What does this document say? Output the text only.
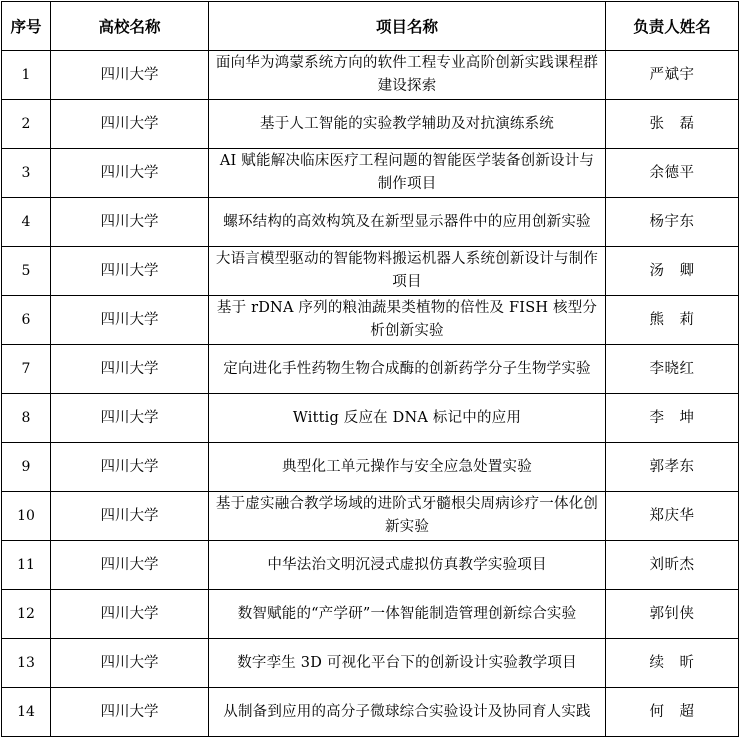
序号	高校名称	项目名称	负责人姓名
1	四川大学	面向华为鸿蒙系统方向的软件工程专业高阶创新实践课程群建设探索	严斌宇
2	四川大学	基于人工智能的实验教学辅助及对抗演练系统	张　磊
3	四川大学	AI 赋能解决临床医疗工程问题的智能医学装备创新设计与制作项目	余德平
4	四川大学	螺环结构的高效构筑及在新型显示器件中的应用创新实验	杨宇东
5	四川大学	大语言模型驱动的智能物料搬运机器人系统创新设计与制作项目	汤　卿
6	四川大学	基于 rDNA 序列的粮油蔬果类植物的倍性及 FISH 核型分析创新实验	熊　莉
7	四川大学	定向进化手性药物生物合成酶的创新药学分子生物学实验	李晓红
8	四川大学	Wittig 反应在 DNA 标记中的应用	李　坤
9	四川大学	典型化工单元操作与安全应急处置实验	郭孝东
10	四川大学	基于虚实融合教学场域的进阶式牙髓根尖周病诊疗一体化创新实验	郑庆华
11	四川大学	中华法治文明沉浸式虚拟仿真教学实验项目	刘昕杰
12	四川大学	数智赋能的“产学研”一体智能制造管理创新综合实验	郭钊侠
13	四川大学	数字孪生 3D 可视化平台下的创新设计实验教学项目	续　昕
14	四川大学	从制备到应用的高分子微球综合实验设计及协同育人实践	何　超
